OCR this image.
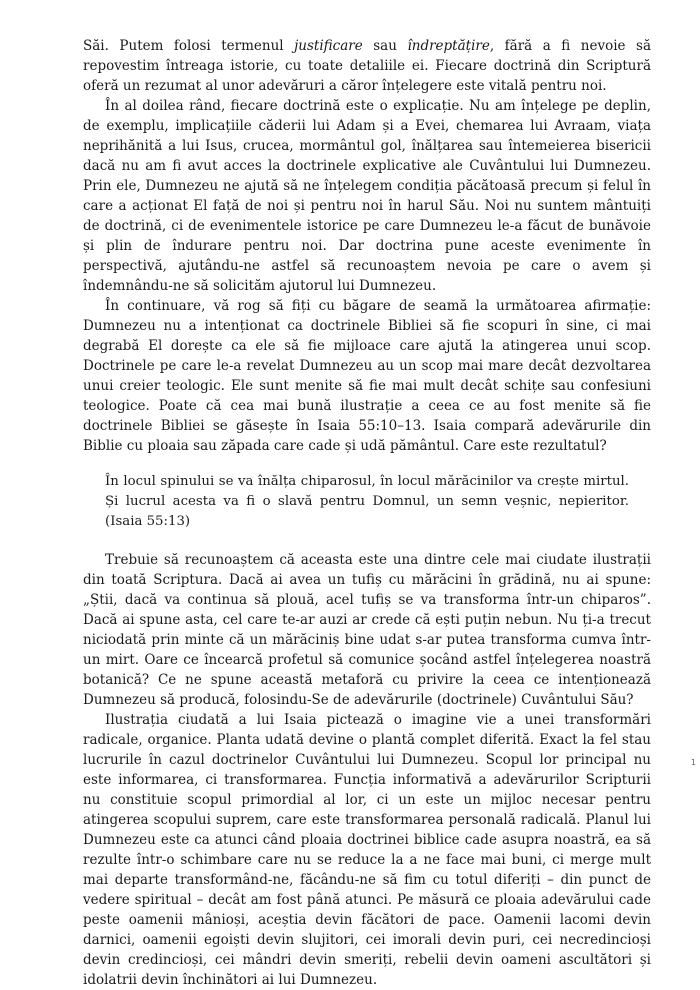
Săi. Putem folosi termenul justificare sau îndreptățire, fără a fi nevoie să repovestim întreaga istorie, cu toate detaliile ei. Fiecare doctrină din Scriptură oferă un rezumat al unor adevăruri a căror înțelegere este vitală pentru noi.

În al doilea rând, fiecare doctrină este o explicație. Nu am înțelege pe deplin, de exemplu, implicațiile căderii lui Adam și a Evei, chemarea lui Avraam, viața neprihănită a lui Isus, crucea, mormântul gol, înălțarea sau întemeierea bisericii dacă nu am fi avut acces la doctrinele explicative ale Cuvântului lui Dumnezeu. Prin ele, Dumnezeu ne ajută să ne înțelegem condiția păcătoasă precum și felul în care a acționat El față de noi și pentru noi în harul Său. Noi nu suntem mântuiți de doctrină, ci de evenimentele istorice pe care Dumnezeu le-a făcut de bunăvoie și plin de îndurare pentru noi. Dar doctrina pune aceste evenimente în perspectivă, ajutându-ne astfel să recunoaștem nevoia pe care o avem și îndemnându-ne să solicităm ajutorul lui Dumnezeu.

În continuare, vă rog să fiți cu băgare de seamă la următoarea afirmație: Dumnezeu nu a intenționat ca doctrinele Bibliei să fie scopuri în sine, ci mai degrabă El dorește ca ele să fie mijloace care ajută la atingerea unui scop. Doctrinele pe care le-a revelat Dumnezeu au un scop mai mare decât dezvoltarea unui creier teologic. Ele sunt menite să fie mai mult decât schițe sau confesiuni teologice. Poate că cea mai bună ilustrație a ceea ce au fost menite să fie doctrinele Bibliei se găsește în Isaia 55:10–13. Isaia compară adevărurile din Biblie cu ploaia sau zăpada care cade și udă pământul. Care este rezultatul?

În locul spinului se va înălța chiparosul, în locul mărăcinilor va crește mirtul. Și lucrul acesta va fi o slavă pentru Domnul, un semn veșnic, nepieritor. (Isaia 55:13)

Trebuie să recunoaștem că aceasta este una dintre cele mai ciudate ilustrații din toată Scriptura. Dacă ai avea un tufiș cu mărăcini în grădină, nu ai spune: „Știi, dacă va continua să plouă, acel tufiș se va transforma într-un chiparos”. Dacă ai spune asta, cel care te-ar auzi ar crede că ești puțin nebun. Nu ți-a trecut niciodată prin minte că un mărăciniș bine udat s-ar putea transforma cumva într-un mirt. Oare ce încearcă profetul să comunice șocând astfel înțelegerea noastră botanică? Ce ne spune această metaforă cu privire la ceea ce intenționează Dumnezeu să producă, folosindu-Se de adevărurile (doctrinele) Cuvântului Său?

Ilustrația ciudată a lui Isaia pictează o imagine vie a unei transformări radicale, organice. Planta udată devine o plantă complet diferită. Exact la fel stau lucrurile în cazul doctrinelor Cuvântului lui Dumnezeu. Scopul lor principal nu este informarea, ci transformarea. Funcția informativă a adevărurilor Scripturii nu constituie scopul primordial al lor, ci un este un mijloc necesar pentru atingerea scopului suprem, care este transformarea personală radicală. Planul lui Dumnezeu este ca atunci când ploaia doctrinei biblice cade asupra noastră, ea să rezulte într-o schimbare care nu se reduce la a ne face mai buni, ci merge mult mai departe transformând-ne, făcându-ne să fim cu totul diferiți – din punct de vedere spiritual – decât am fost până atunci. Pe măsură ce ploaia adevărului cade peste oamenii mânioși, aceștia devin făcători de pace. Oamenii lacomi devin darnici, oamenii egoiști devin slujitori, cei imorali devin puri, cei necredincioși devin credincioși, cei mândri devin smeriți, rebelii devin oameni ascultători și idolatrii devin închinători ai lui Dumnezeu.

1
